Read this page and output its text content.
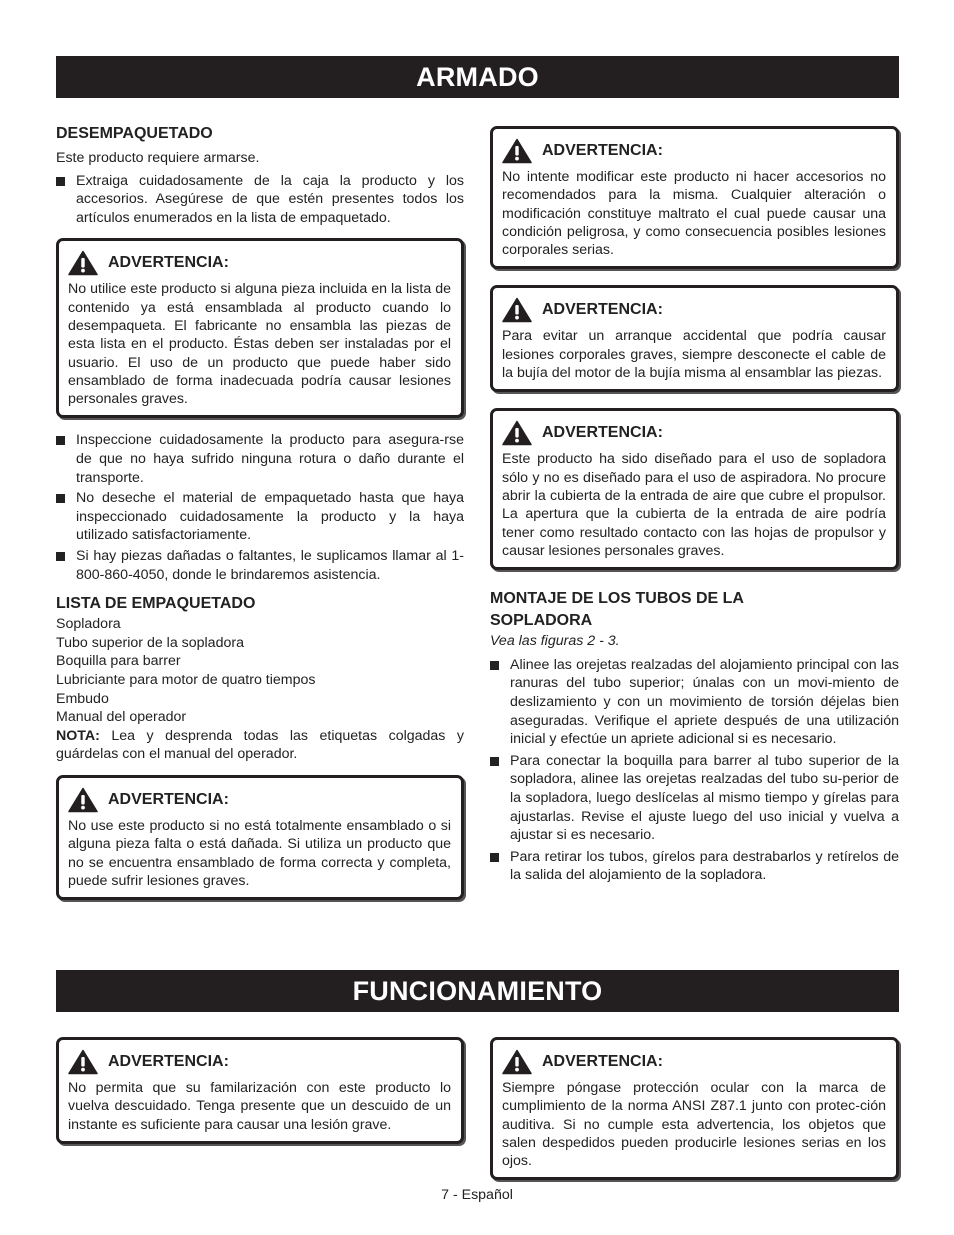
ARMADO
DESEMPAQUETADO

Este producto requiere armarse.

Extraiga cuidadosamente de la caja la producto y los accesorios. Asegúrese de que estén presentes todos los artículos enumerados en la lista de empaquetado.
ADVERTENCIA:

No utilice este producto si alguna pieza incluida en la lista de contenido ya está ensamblada al producto cuando lo desempaqueta. El fabricante no ensambla las piezas de esta lista en el producto. Éstas deben ser instaladas por el usuario. El uso de un producto que puede haber sido ensamblado de forma inadecuada podría causar lesiones personales graves.

Inspeccione cuidadosamente la producto para asegura-rse de que no haya sufrido ninguna rotura o daño durante el transporte.
No deseche el material de empaquetado hasta que haya inspeccionado cuidadosamente la producto y la haya utilizado satisfactoriamente.
Si hay piezas dañadas o faltantes, le suplicamos llamar al 1-800-860-4050, donde le brindaremos asistencia.
LISTA DE EMPAQUETADO

Sopladora

Tubo superior de la sopladora

Boquilla para barrer

Lubriciante para motor de quatro tiempos

Embudo

Manual del operador

NOTA: Lea y desprenda todas las etiquetas colgadas y guárdelas con el manual del operador.

ADVERTENCIA:

No use este producto si no está totalmente ensamblado o si alguna pieza falta o está dañada. Si utiliza un producto que no se encuentra ensamblado de forma correcta y completa, puede sufrir lesiones graves.

ADVERTENCIA:

No intente modificar este producto ni hacer accesorios no recomendados para la misma. Cualquier alteración o modificación constituye maltrato el cual puede causar una condición peligrosa, y como consecuencia posibles lesiones corporales serias.

ADVERTENCIA:

Para evitar un arranque accidental que podría causar lesiones corporales graves, siempre desconecte el cable de la bujía del motor de la bujía misma al ensamblar las piezas.

ADVERTENCIA:

Este producto ha sido diseñado para el uso de sopladora sólo y no es diseñado para el uso de aspiradora. No procure abrir la cubierta de la entrada de aire que cubre el propulsor. La apertura que la cubierta de la entrada de aire podría tener como resultado contacto con las hojas de propulsor y causar lesiones personales graves.

MONTAJE DE LOS TUBOS DE LA SOPLADORA

Vea las figuras 2 - 3.

Alinee las orejetas realzadas del alojamiento principal con las ranuras del tubo superior; únalas con un movi-miento de deslizamiento y con un movimiento de torsión déjelas bien aseguradas. Verifique el apriete después de una utilización inicial y efectúe un apriete adicional si es necesario.
Para conectar la boquilla para barrer al tubo superior de la sopladora, alinee las orejetas realzadas del tubo su-perior de la sopladora, luego deslícelas al mismo tiempo y gírelas para ajustarlas. Revise el ajuste luego del uso inicial y vuelva a ajustar si es necesario.
Para retirar los tubos, gírelos para destrabarlos y retírelos de la salida del alojamiento de la sopladora.
FUNCIONAMIENTO
ADVERTENCIA:

No permita que su familarización con este producto lo vuelva descuidado. Tenga presente que un descuido de un instante es suficiente para causar una lesión grave.

ADVERTENCIA:

Siempre póngase protección ocular con la marca de cumplimiento de la norma ANSI Z87.1 junto con protec-ción auditiva. Si no cumple esta advertencia, los objetos que salen despedidos pueden producirle lesiones serias en los ojos.

7 - Español
